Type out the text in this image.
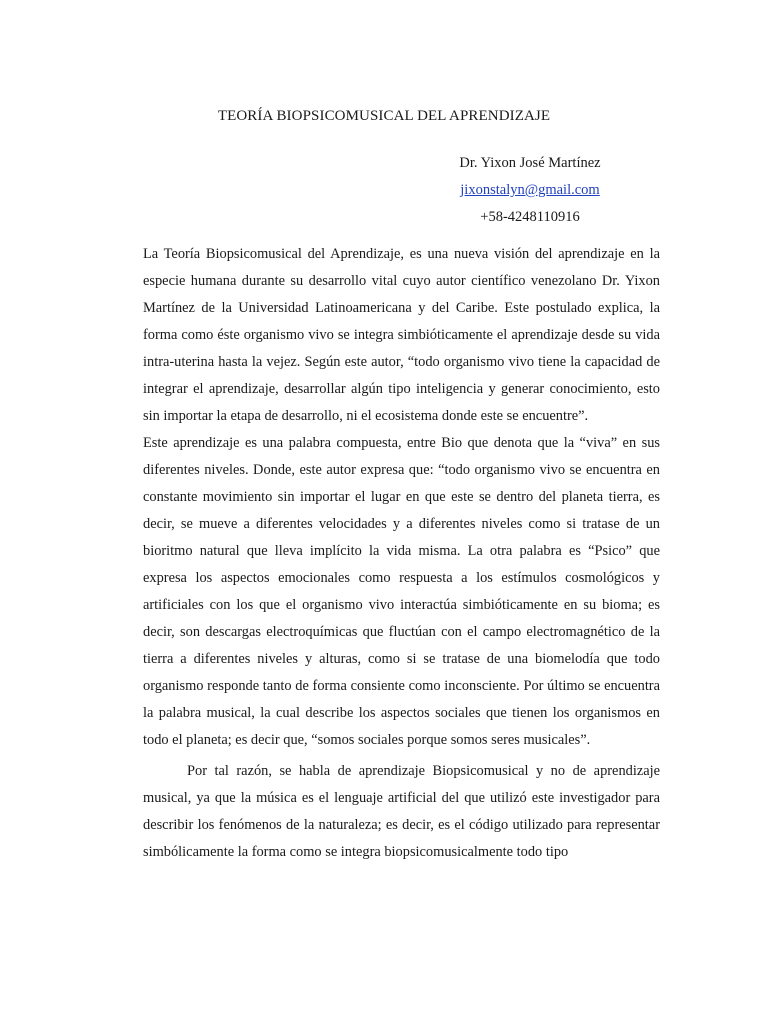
TEORÍA BIOPSICOMUSICAL DEL APRENDIZAJE
Dr. Yixon José Martínez
jixonstalyn@gmail.com
+58-4248110916

La Teoría Biopsicomusical del Aprendizaje, es una nueva visión del aprendizaje en la especie humana durante su desarrollo vital cuyo autor científico venezolano Dr. Yixon Martínez de la Universidad Latinoamericana y del Caribe. Este postulado explica, la forma como éste organismo vivo se integra simbióticamente el aprendizaje desde su vida intra-uterina hasta la vejez. Según este autor, “todo organismo vivo tiene la capacidad de integrar el aprendizaje, desarrollar algún tipo inteligencia y generar conocimiento, esto sin importar la etapa de desarrollo, ni el ecosistema donde este se encuentre”.

Este aprendizaje es una palabra compuesta, entre Bio que denota que la “viva” en sus diferentes niveles. Donde, este autor expresa que: “todo organismo vivo se encuentra en constante movimiento sin importar el lugar en que este se dentro del planeta tierra, es decir, se mueve a diferentes velocidades y a diferentes niveles como si tratase de un bioritmo natural que lleva implícito la vida misma. La otra palabra es “Psico” que expresa los aspectos emocionales como respuesta a los estímulos cosmológicos y artificiales con los que el organismo vivo interactúa simbióticamente en su bioma; es decir, son descargas electroquímicas que fluctúan con el campo electromagnético de la tierra a diferentes niveles y alturas, como si se tratase de una biomelodía que todo organismo responde tanto de forma consiente como inconsciente. Por último se encuentra la palabra musical, la cual describe los aspectos sociales que tienen los organismos en todo el planeta; es decir que, “somos sociales porque somos seres musicales”.

Por tal razón, se habla de aprendizaje Biopsicomusical y no de aprendizaje musical, ya que la música es el lenguaje artificial del que utilizó este investigador para describir los fenómenos de la naturaleza; es decir, es el código utilizado para representar simbólicamente la forma como se integra biopsicomusicalmente todo tipo
